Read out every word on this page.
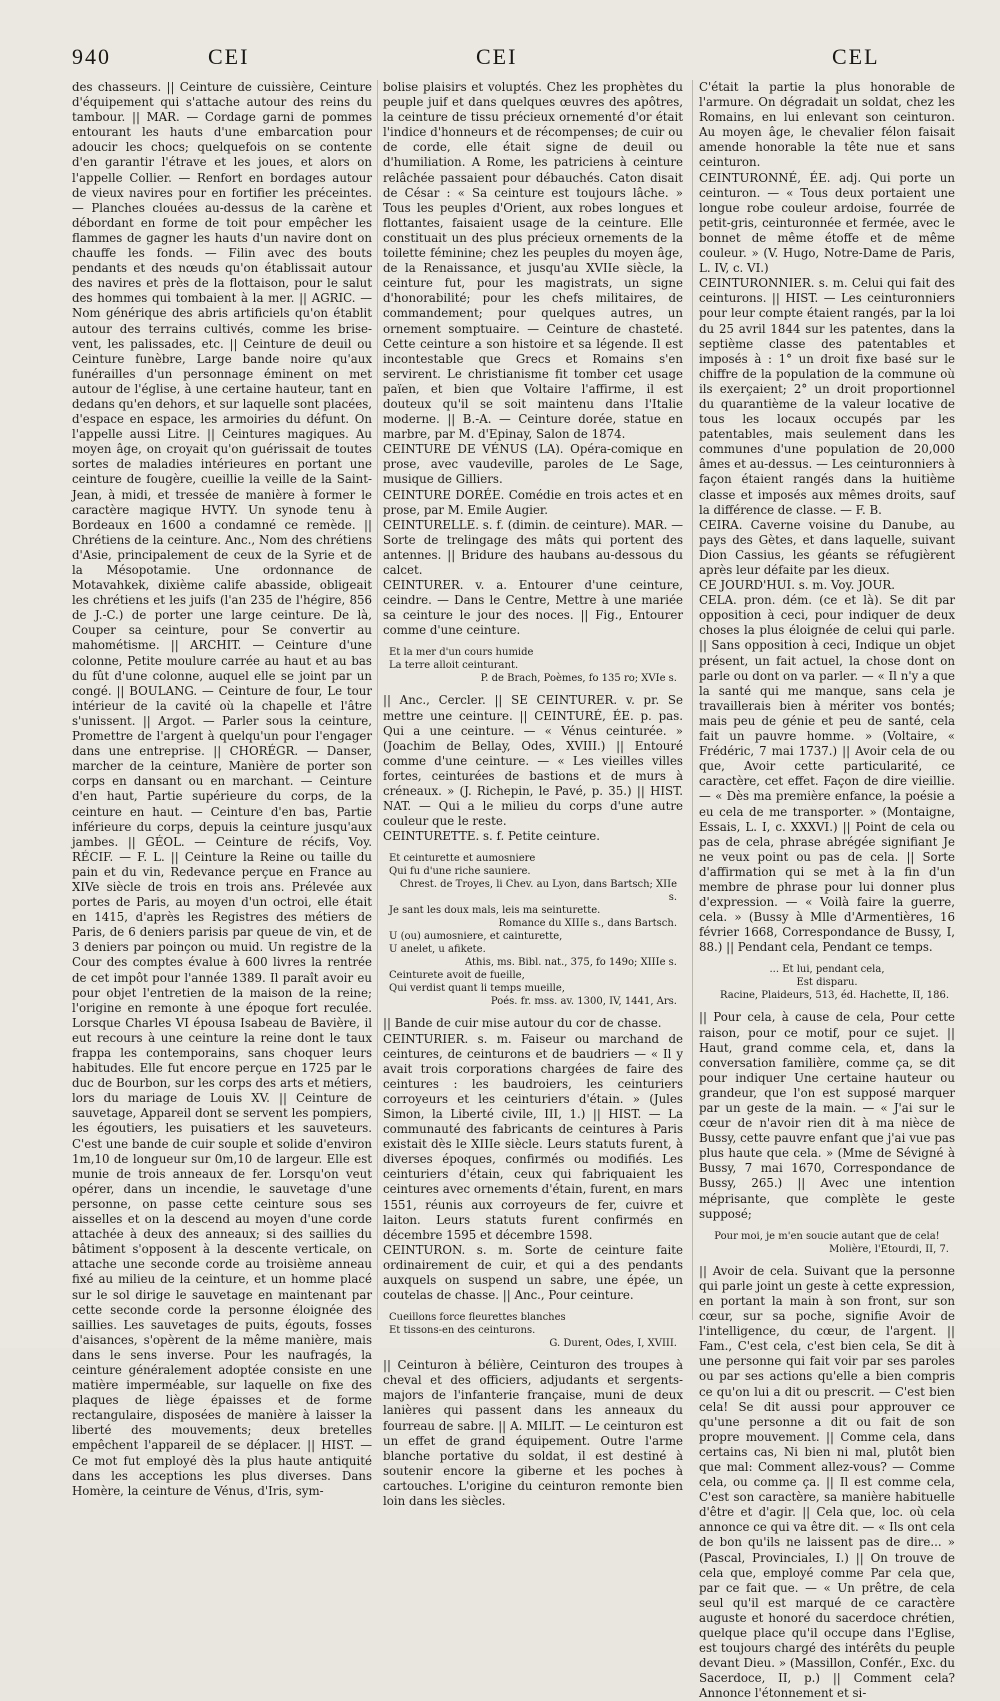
940	CEI	CEI	CEL

des chasseurs. || Ceinture de cuissière, Ceinture d'équipement qui s'attache autour des reins du tambour. || MAR. — Cordage garni de pommes entourant les hauts d'une embarcation pour adoucir les chocs; quelquefois on se contente d'en garantir l'étrave et les joues, et alors on l'appelle Collier. — Renfort en bordages autour de vieux navires pour en fortifier les préceintes. — Planches clouées au-dessus de la carène et débordant en forme de toit pour empêcher les flammes de gagner les hauts d'un navire dont on chauffe les fonds. — Filin avec des bouts pendants et des nœuds qu'on établissait autour des navires et près de la flottaison, pour le salut des hommes qui tombaient à la mer. || AGRIC. — Nom générique des abris artificiels qu'on établit autour des terrains cultivés, comme les brise-vent, les palissades, etc. || Ceinture de deuil ou Ceinture funèbre, Large bande noire qu'aux funérailles d'un personnage éminent on met autour de l'église, à une certaine hauteur, tant en dedans qu'en dehors, et sur laquelle sont placées, d'espace en espace, les armoiries du défunt. On l'appelle aussi Litre. || Ceintures magiques. Au moyen âge, on croyait qu'on guérissait de toutes sortes de maladies intérieures en portant une ceinture de fougère, cueillie la veille de la Saint-Jean, à midi, et tressée de manière à former le caractère magique HVTY. Un synode tenu à Bordeaux en 1600 a condamné ce remède. || Chrétiens de la ceinture. Anc., Nom des chrétiens d'Asie, principalement de ceux de la Syrie et de la Mésopotamie. Une ordonnance de Motavahkek, dixième calife abasside, obligeait les chrétiens et les juifs (l'an 235 de l'hégire, 856 de J.-C.) de porter une large ceinture. De là, Couper sa ceinture, pour Se convertir au mahométisme. || ARCHIT. — Ceinture d'une colonne, Petite moulure carrée au haut et au bas du fût d'une colonne, auquel elle se joint par un congé. || BOULANG. — Ceinture de four, Le tour intérieur de la cavité où la chapelle et l'âtre s'unissent. || Argot. — Parler sous la ceinture, Promettre de l'argent à quelqu'un pour l'engager dans une entreprise. || CHORÉGR. — Danser, marcher de la ceinture, Manière de porter son corps en dansant ou en marchant. — Ceinture d'en haut, Partie supérieure du corps, de la ceinture en haut. — Ceinture d'en bas, Partie inférieure du corps, depuis la ceinture jusqu'aux jambes. || GÉOL. — Ceinture de récifs, Voy. RÉCIF. — F. L. || Ceinture la Reine ou taille du pain et du vin, Redevance perçue en France au XIVe siècle de trois en trois ans. Prélevée aux portes de Paris, au moyen d'un octroi, elle était en 1415, d'après les Registres des métiers de Paris, de 6 deniers parisis par queue de vin, et de 3 deniers par poinçon ou muid. Un registre de la Cour des comptes évalue à 600 livres la rentrée de cet impôt pour l'année 1389. Il paraît avoir eu pour objet l'entretien de la maison de la reine; l'origine en remonte à une époque fort reculée. Lorsque Charles VI épousa Isabeau de Bavière, il eut recours à une ceinture la reine dont le taux frappa les contemporains, sans choquer leurs habitudes. Elle fut encore perçue en 1725 par le duc de Bourbon, sur les corps des arts et métiers, lors du mariage de Louis XV. || Ceinture de sauvetage, Appareil dont se servent les pompiers, les égoutiers, les puisatiers et les sauveteurs. C'est une bande de cuir souple et solide d'environ 1m,10 de longueur sur 0m,10 de largeur. Elle est munie de trois anneaux de fer. Lorsqu'on veut opérer, dans un incendie, le sauvetage d'une personne, on passe cette ceinture sous ses aisselles et on la descend au moyen d'une corde attachée à deux des anneaux; si des saillies du bâtiment s'opposent à la descente verticale, on attache une seconde corde au troisième anneau fixé au milieu de la ceinture, et un homme placé sur le sol dirige le sauvetage en maintenant par cette seconde corde la personne éloignée des saillies. Les sauvetages de puits, égouts, fosses d'aisances, s'opèrent de la même manière, mais dans le sens inverse. Pour les naufragés, la ceinture généralement adoptée consiste en une matière imperméable, sur laquelle on fixe des plaques de liège épaisses et de forme rectangulaire, disposées de manière à laisser la liberté des mouvements; deux bretelles empêchent l'appareil de se déplacer. || HIST. — Ce mot fut employé dès la plus haute antiquité dans les acceptions les plus diverses. Dans Homère, la ceinture de Vénus, d'Iris, sym-

bolise plaisirs et voluptés. Chez les prophètes du peuple juif et dans quelques œuvres des apôtres, la ceinture de tissu précieux ornementé d'or était l'indice d'honneurs et de récompenses; de cuir ou de corde, elle était signe de deuil ou d'humiliation. A Rome, les patriciens à ceinture relâchée passaient pour débauchés. Caton disait de César : « Sa ceinture est toujours lâche. » Tous les peuples d'Orient, aux robes longues et flottantes, faisaient usage de la ceinture. Elle constituait un des plus précieux ornements de la toilette féminine; chez les peuples du moyen âge, de la Renaissance, et jusqu'au XVIIe siècle, la ceinture fut, pour les magistrats, un signe d'honorabilité; pour les chefs militaires, de commandement; pour quelques autres, un ornement somptuaire. — Ceinture de chasteté. Cette ceinture a son histoire et sa légende. Il est incontestable que Grecs et Romains s'en servirent. Le christianisme fit tomber cet usage païen, et bien que Voltaire l'affirme, il est douteux qu'il se soit maintenu dans l'Italie moderne. || B.-A. — Ceinture dorée, statue en marbre, par M. d'Epinay, Salon de 1874.

CEINTURE DE VÉNUS (LA). Opéra-comique en prose, avec vaudeville, paroles de Le Sage, musique de Gilliers.

CEINTURE DORÉE. Comédie en trois actes et en prose, par M. Emile Augier.

CEINTURELLE. s. f. (dimin. de ceinture). MAR. — Sorte de trelingage des mâts qui portent des antennes. || Bridure des haubans au-dessous du calcet.

CEINTURER. v. a. Entourer d'une ceinture, ceindre. — Dans le Centre, Mettre à une mariée sa ceinture le jour des noces. || Fig., Entourer comme d'une ceinture.

Et la mer d'un cours humide
La terre alloit ceinturant.
P. de Brach, Poèmes, fo 135 ro; XVIe s.

|| Anc., Cercler. || SE CEINTURER. v. pr. Se mettre une ceinture. || CEINTURÉ, ÉE. p. pas. Qui a une ceinture. — « Vénus ceinturée. » (Joachim de Bellay, Odes, XVIII.) || Entouré comme d'une ceinture. — « Les vieilles villes fortes, ceinturées de bastions et de murs à créneaux. » (J. Richepin, le Pavé, p. 35.) || HIST. NAT. — Qui a le milieu du corps d'une autre couleur que le reste.

CEINTURETTE. s. f. Petite ceinture.

Et ceinturette et aumosniere
Qui fu d'une riche sauniere.
Chrest. de Troyes, li Chev. au Lyon, dans Bartsch; XIIe s.
Je sant les doux mals, leis ma seinturette.
Romance du XIIIe s., dans Bartsch.
U (ou) aumosniere, et cainturette,
U anelet, u afikete.
Athis, ms. Bibl. nat., 375, fo 149o; XIIIe s.
Ceinturete avoit de fueille,
Qui verdist quant li temps mueille,
Poés. fr. mss. av. 1300, IV, 1441, Ars.

|| Bande de cuir mise autour du cor de chasse.

CEINTURIER. s. m. Faiseur ou marchand de ceintures, de ceinturons et de baudriers — « Il y avait trois corporations chargées de faire des ceintures : les baudroiers, les ceinturiers corroyeurs et les ceinturiers d'étain. » (Jules Simon, la Liberté civile, III, 1.) || HIST. — La communauté des fabricants de ceintures à Paris existait dès le XIIIe siècle. Leurs statuts furent, à diverses époques, confirmés ou modifiés. Les ceinturiers d'étain, ceux qui fabriquaient les ceintures avec ornements d'étain, furent, en mars 1551, réunis aux corroyeurs de fer, cuivre et laiton. Leurs statuts furent confirmés en décembre 1595 et décembre 1598.

CEINTURON. s. m. Sorte de ceinture faite ordinairement de cuir, et qui a des pendants auxquels on suspend un sabre, une épée, un coutelas de chasse. || Anc., Pour ceinture.

Cueillons force fleurettes blanches
Et tissons-en des ceinturons.
G. Durent, Odes, I, XVIII.

|| Ceinturon à bélière, Ceinturon des troupes à cheval et des officiers, adjudants et sergents-majors de l'infanterie française, muni de deux lanières qui passent dans les anneaux du fourreau de sabre. || A. MILIT. — Le ceinturon est un effet de grand équipement. Outre l'arme blanche portative du soldat, il est destiné à soutenir encore la giberne et les poches à cartouches. L'origine du ceinturon remonte bien loin dans les siècles.

C'était la partie la plus honorable de l'armure. On dégradait un soldat, chez les Romains, en lui enlevant son ceinturon. Au moyen âge, le chevalier félon faisait amende honorable la tête nue et sans ceinturon.

CEINTURONNÉ, ÉE. adj. Qui porte un ceinturon. — « Tous deux portaient une longue robe couleur ardoise, fourrée de petit-gris, ceinturonnée et fermée, avec le bonnet de même étoffe et de même couleur. » (V. Hugo, Notre-Dame de Paris, L. IV, c. VI.)

CEINTURONNIER. s. m. Celui qui fait des ceinturons. || HIST. — Les ceinturonniers pour leur compte étaient rangés, par la loi du 25 avril 1844 sur les patentes, dans la septième classe des patentables et imposés à : 1° un droit fixe basé sur le chiffre de la population de la commune où ils exerçaient; 2° un droit proportionnel du quarantième de la valeur locative de tous les locaux occupés par les patentables, mais seulement dans les communes d'une population de 20,000 âmes et au-dessus. — Les ceinturonniers à façon étaient rangés dans la huitième classe et imposés aux mêmes droits, sauf la différence de classe. — F. B.

CEIRA. Caverne voisine du Danube, au pays des Gètes, et dans laquelle, suivant Dion Cassius, les géants se réfugièrent après leur défaite par les dieux.

CE JOURD'HUI. s. m. Voy. JOUR.

CELA. pron. dém. (ce et là). Se dit par opposition à ceci, pour indiquer de deux choses la plus éloignée de celui qui parle. || Sans opposition à ceci, Indique un objet présent, un fait actuel, la chose dont on parle ou dont on va parler. — « Il n'y a que la santé qui me manque, sans cela je travaillerais bien à mériter vos bontés; mais peu de génie et peu de santé, cela fait un pauvre homme. » (Voltaire, « Frédéric, 7 mai 1737.) || Avoir cela de ou que, Avoir cette particularité, ce caractère, cet effet. Façon de dire vieillie. — « Dès ma première enfance, la poésie a eu cela de me transporter. » (Montaigne, Essais, L. I, c. XXXVI.) || Point de cela ou pas de cela, phrase abrégée signifiant Je ne veux point ou pas de cela. || Sorte d'affirmation qui se met à la fin d'un membre de phrase pour lui donner plus d'expression. — « Voilà faire la guerre, cela. » (Bussy à Mlle d'Armentières, 16 février 1668, Correspondance de Bussy, I, 88.) || Pendant cela, Pendant ce temps.

... Et lui, pendant cela,
Est disparu.
Racine, Plaideurs, 513, éd. Hachette, II, 186.

|| Pour cela, à cause de cela, Pour cette raison, pour ce motif, pour ce sujet. || Haut, grand comme cela, et, dans la conversation familière, comme ça, se dit pour indiquer Une certaine hauteur ou grandeur, que l'on est supposé marquer par un geste de la main. — « J'ai sur le cœur de n'avoir rien dit à ma nièce de Bussy, cette pauvre enfant que j'ai vue pas plus haute que cela. » (Mme de Sévigné à Bussy, 7 mai 1670, Correspondance de Bussy, 265.) || Avec une intention méprisante, que complète le geste supposé;

Pour moi, je m'en soucie autant que de cela!
Molière, l'Etourdi, II, 7.

|| Avoir de cela. Suivant que la personne qui parle joint un geste à cette expression, en portant la main à son front, sur son cœur, sur sa poche, signifie Avoir de l'intelligence, du cœur, de l'argent. || Fam., C'est cela, c'est bien cela, Se dit à une personne qui fait voir par ses paroles ou par ses actions qu'elle a bien compris ce qu'on lui a dit ou prescrit. — C'est bien cela! Se dit aussi pour approuver ce qu'une personne a dit ou fait de son propre mouvement. || Comme cela, dans certains cas, Ni bien ni mal, plutôt bien que mal: Comment allez-vous? — Comme cela, ou comme ça. || Il est comme cela, C'est son caractère, sa manière habituelle d'être et d'agir. || Cela que, loc. où cela annonce ce qui va être dit. — « Ils ont cela de bon qu'ils ne laissent pas de dire... » (Pascal, Provinciales, I.) || On trouve de cela que, employé comme Par cela que, par ce fait que. — « Un prêtre, de cela seul qu'il est marqué de ce caractère auguste et honoré du sacerdoce chrétien, quelque place qu'il occupe dans l'Eglise, est toujours chargé des intérêts du peuple devant Dieu. » (Massillon, Confér., Exc. du Sacerdoce, II, p.) || Comment cela? Annonce l'étonnement et si-
